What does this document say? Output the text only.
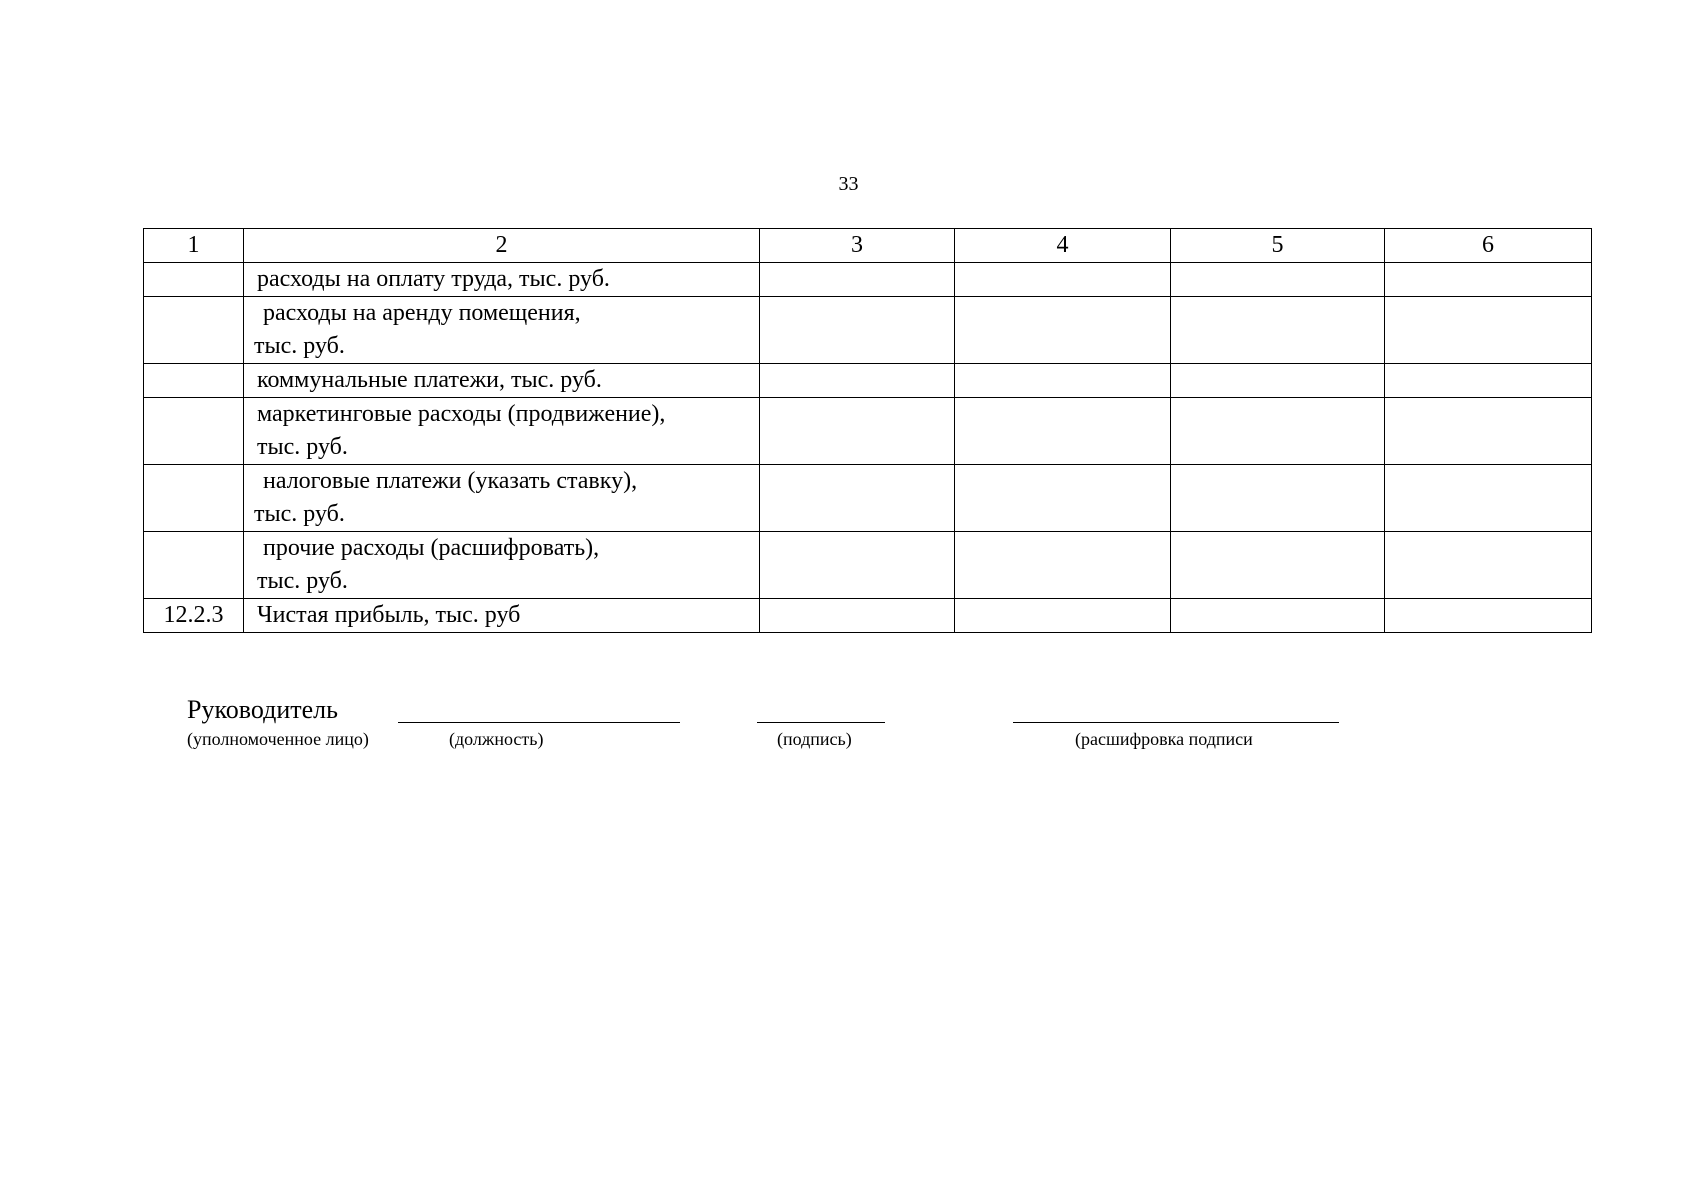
33
1	2	3	4	5	6

	расходы на оплату труда, тыс. руб.				

	расходы на аренду помещения,
тыс. руб.				

	коммунальные платежи, тыс. руб.				

	маркетинговые расходы (продвижение),
тыс. руб.				

	налоговые платежи (указать ставку),
тыс. руб.				

	прочие расходы (расшифровать),
тыс. руб.				

12.2.3	Чистая прибыль, тыс. руб				

Руководитель
(уполномоченное лицо)	(должность)	(подпись)	(расшифровка подписи
